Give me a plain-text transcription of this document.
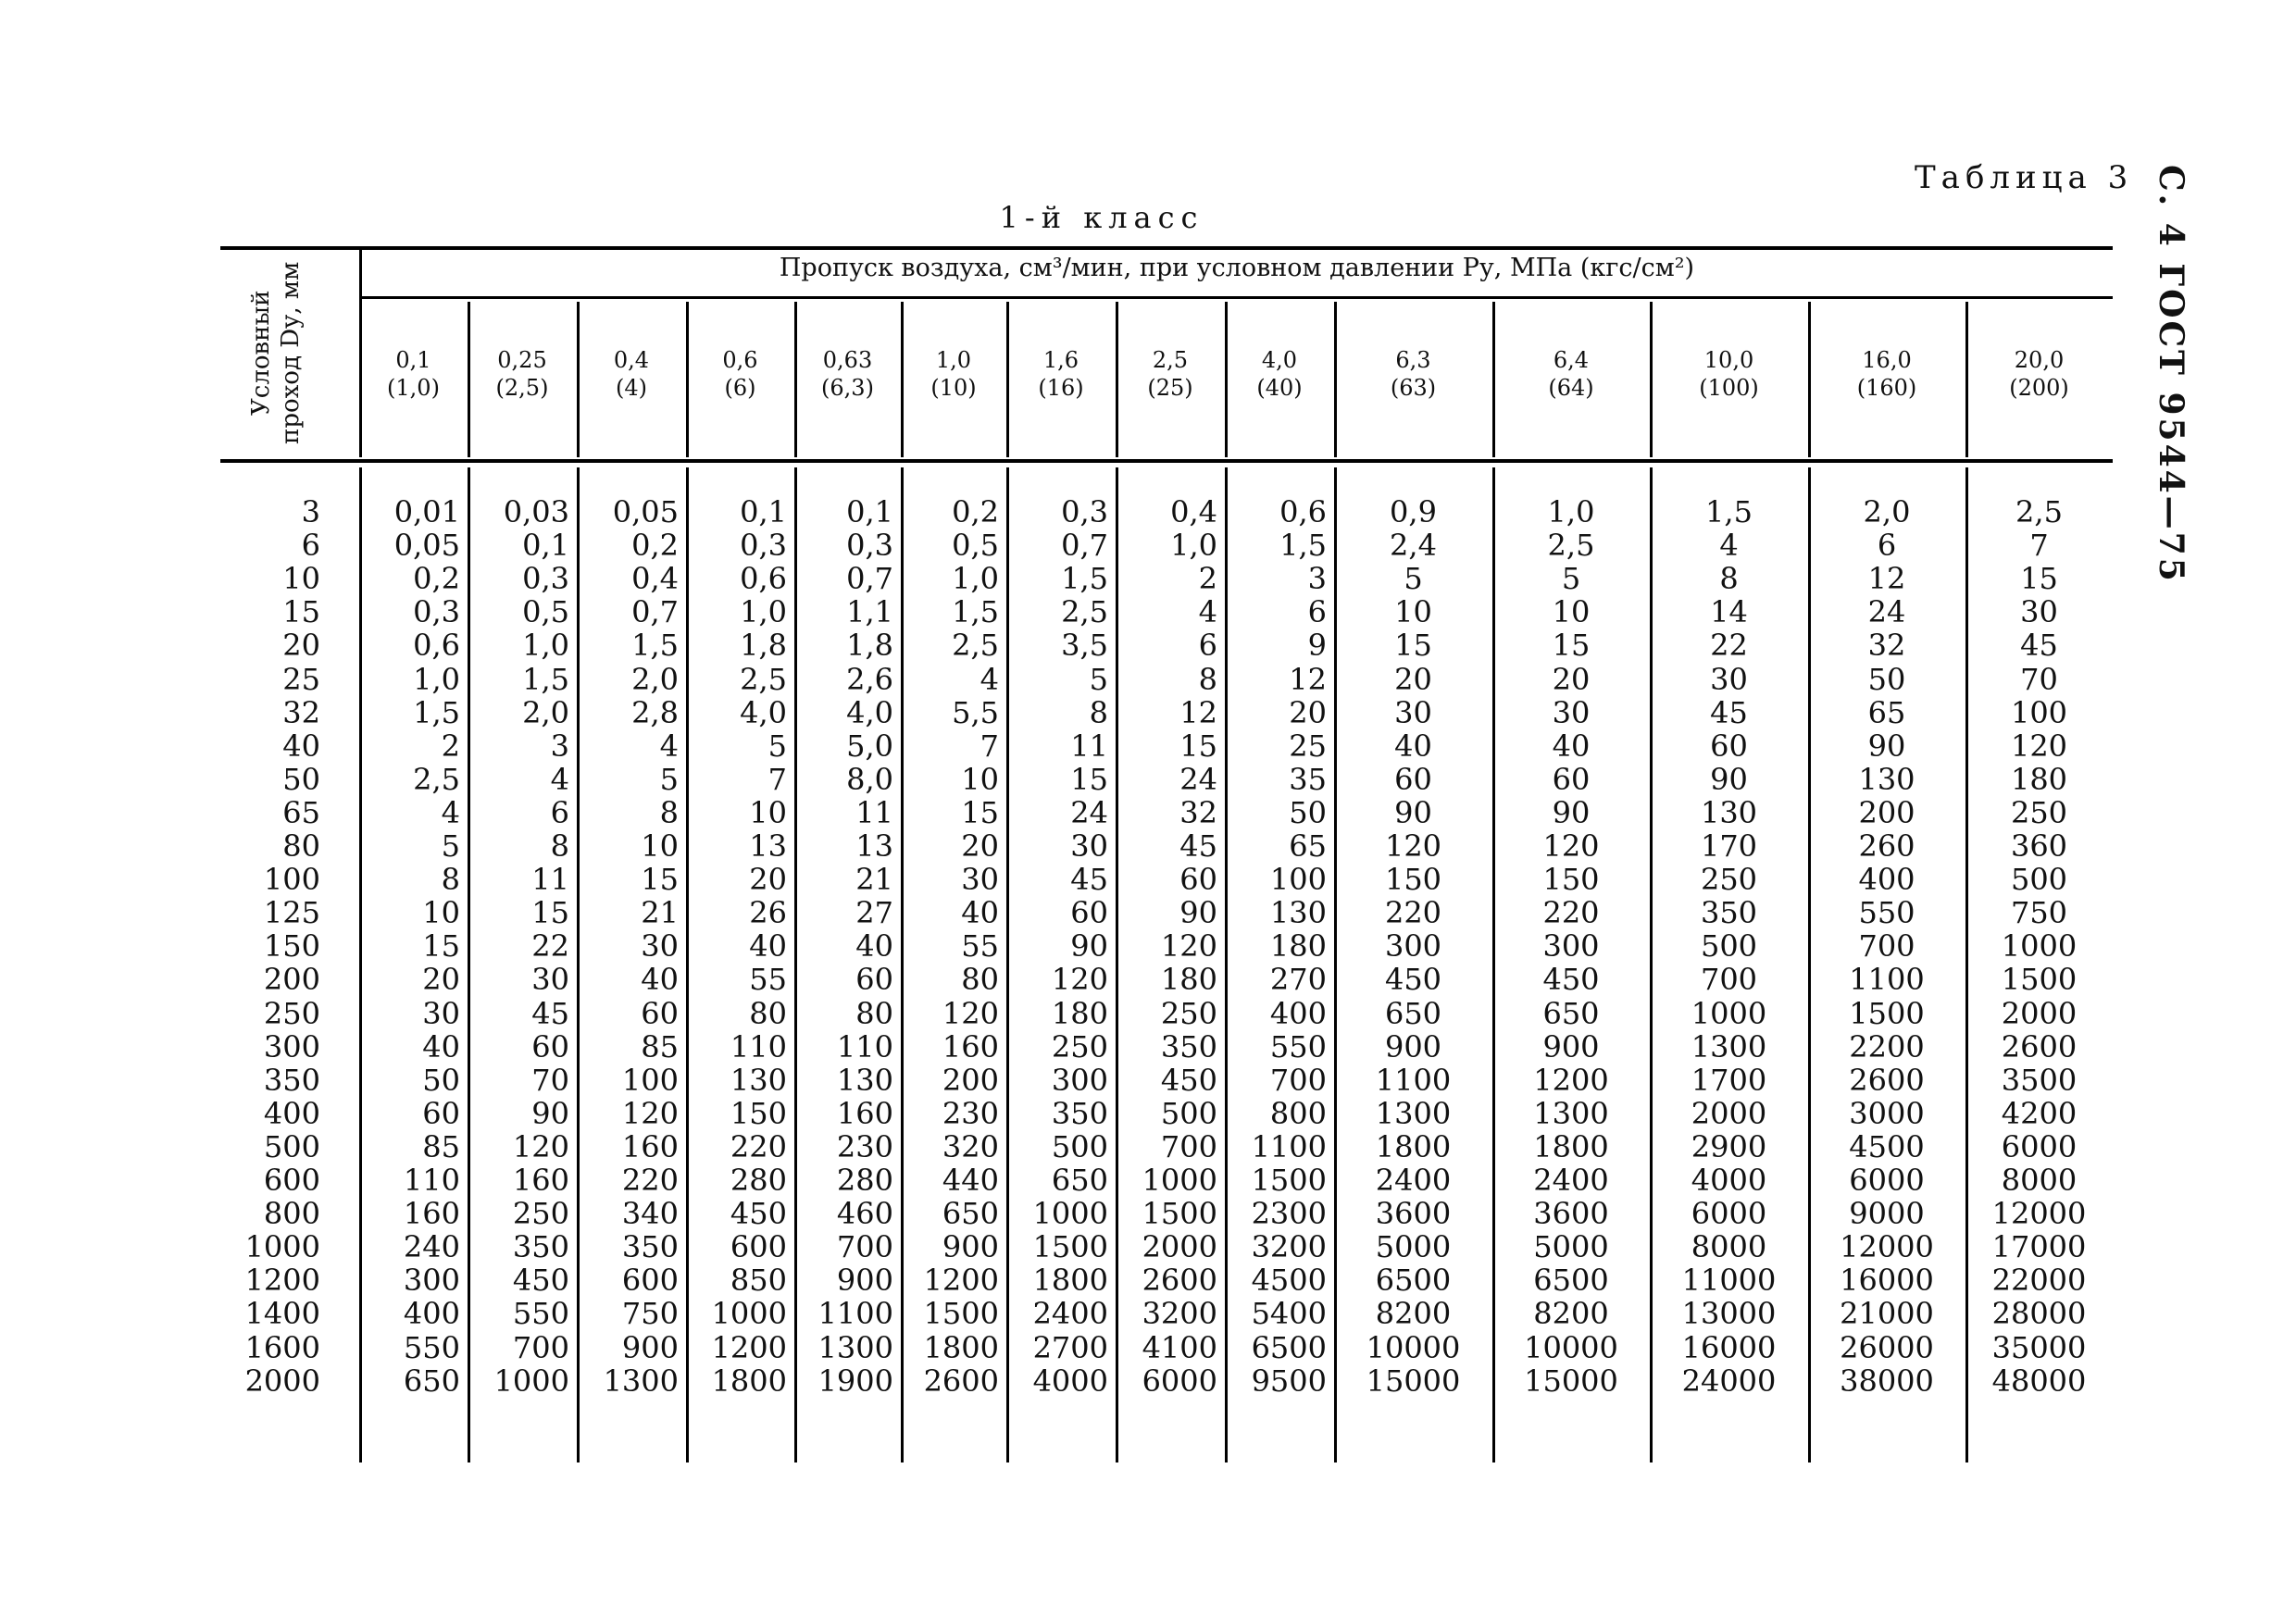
Таблица 3 С. 4 ГОСТ 9544—75
1-й класс
Условный проход Dу, мм	Пропуск воздуха, см³/мин, при условном давлении Pу, МПа (кгс/см²)
0,1
(1,0)
0,25
(2,5)
0,4
(4)
0,6
(6)
0,63
(6,3)
1,0
(10)
1,6
(16)
2,5
(25)
4,0
(40)
6,3
(63)
6,4
(64)
10,0
(100)
16,0
(160)
20,0
(200)
3
6
10
15
20
25
32
40
50
65
80
100
125
150
200
250
300
350
400
500
600
800
1000
1200
1400
1600
2000
0,01
0,05
0,2
0,3
0,6
1,0
1,5
2
2,5
4
5
8
10
15
20
30
40
50
60
85
110
160
240
300
400
550
650
0,03
0,1
0,3
0,5
1,0
1,5
2,0
3
4
6
8
11
15
22
30
45
60
70
90
120
160
250
350
450
550
700
1000
0,05
0,2
0,4
0,7
1,5
2,0
2,8
4
5
8
10
15
21
30
40
60
85
100
120
160
220
340
350
600
750
900
1300
0,1
0,3
0,6
1,0
1,8
2,5
4,0
5
7
10
13
20
26
40
55
80
110
130
150
220
280
450
600
850
1000
1200
1800
0,1
0,3
0,7
1,1
1,8
2,6
4,0
5,0
8,0
11
13
21
27
40
60
80
110
130
160
230
280
460
700
900
1100
1300
1900
0,2
0,5
1,0
1,5
2,5
4
5,5
7
10
15
20
30
40
55
80
120
160
200
230
320
440
650
900
1200
1500
1800
2600
0,3
0,7
1,5
2,5
3,5
5
8
11
15
24
30
45
60
90
120
180
250
300
350
500
650
1000
1500
1800
2400
2700
4000
0,4
1,0
2
4
6
8
12
15
24
32
45
60
90
120
180
250
350
450
500
700
1000
1500
2000
2600
3200
4100
6000
0,6
1,5
3
6
9
12
20
25
35
50
65
100
130
180
270
400
550
700
800
1100
1500
2300
3200
4500
5400
6500
9500
0,9
2,4
5
10
15
20
30
40
60
90
120
150
220
300
450
650
900
1100
1300
1800
2400
3600
5000
6500
8200
10000
15000
1,0
2,5
5
10
15
20
30
40
60
90
120
150
220
300
450
650
900
1200
1300
1800
2400
3600
5000
6500
8200
10000
15000
1,5
4
8
14
22
30
45
60
90
130
170
250
350
500
700
1000
1300
1700
2000
2900
4000
6000
8000
11000
13000
16000
24000
2,0
6
12
24
32
50
65
90
130
200
260
400
550
700
1100
1500
2200
2600
3000
4500
6000
9000
12000
16000
21000
26000
38000
2,5
7
15
30
45
70
100
120
180
250
360
500
750
1000
1500
2000
2600
3500
4200
6000
8000
12000
17000
22000
28000
35000
48000
